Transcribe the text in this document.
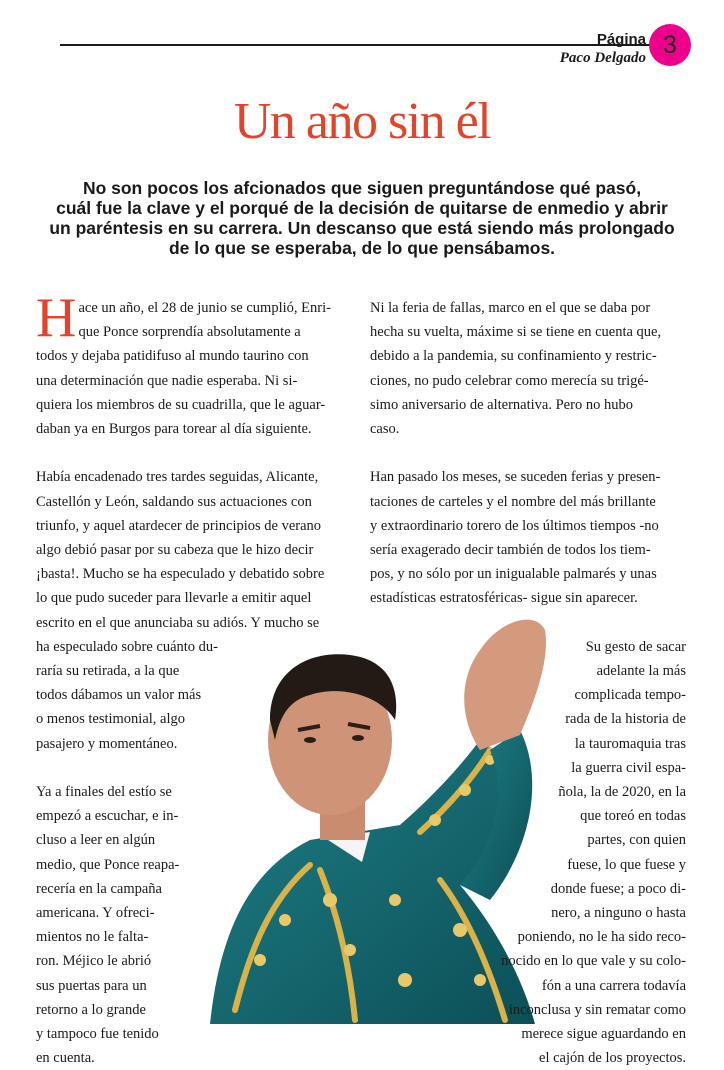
Página
Paco Delgado 3
Un año sin él

No son pocos los afcionados que siguen preguntándose qué pasó,

cuál fue la clave y el porqué de la decisión de quitarse de enmedio y abrir

un paréntesis en su carrera. Un descanso que está siendo más prolongado

de lo que se esperaba, de lo que pensábamos.

H ace un año, el 28 de junio se cumplió, Enri-

que Ponce sorprendía absolutamente a

todos y dejaba patidifuso al mundo taurino con

una determinación que nadie esperaba. Ni si-

quiera los miembros de su cuadrilla, que le aguar-

daban ya en Burgos para torear al día siguiente.

Había encadenado tres tardes seguidas, Alicante,

Castellón y León, saldando sus actuaciones con

triunfo, y aquel atardecer de principios de verano

algo debió pasar por su cabeza que le hizo decir

¡basta!. Mucho se ha especulado y debatido sobre

lo que pudo suceder para llevarle a emitir aquel

escrito en el que anunciaba su adiós. Y mucho se

ha especulado sobre cuánto du-

raría su retirada, a la que

todos dábamos un valor más

o menos testimonial, algo

pasajero y momentáneo.

Ya a finales del estío se

empezó a escuchar, e in-

cluso a leer en algún

medio, que Ponce reapa-

recería en la campaña

americana. Y ofreci-

mientos no le falta-

ron. Méjico le abrió

sus puertas para un

retorno a lo grande

y tampoco fue tenido

en cuenta.

Ni la feria de fallas, marco en el que se daba por

hecha su vuelta, máxime si se tiene en cuenta que,

debido a la pandemia, su confinamiento y restric-

ciones, no pudo celebrar como merecía su trigé-

simo aniversario de alternativa. Pero no hubo

caso.

Han pasado los meses, se suceden ferias y presen-

taciones de carteles y el nombre del más brillante

y extraordinario torero de los últimos tiempos -no

sería exagerado decir también de todos los tiem-

pos, y no sólo por un inigualable palmarés y unas

estadísticas estratosféricas- sigue sin aparecer.

Su gesto de sacar

adelante la más

complicada tempo-

rada de la historia de

la tauromaquia tras

la guerra civil espa-

ñola, la de 2020, en la

que toreó en todas

partes, con quien

fuese, lo que fuese y

donde fuese; a poco di-

nero, a ninguno o hasta

poniendo, no le ha sido reco-

nocido en lo que vale y su colo-

fón a una carrera todavía

inconclusa y sin rematar como

merece sigue aguardando en

el cajón de los proyectos.
